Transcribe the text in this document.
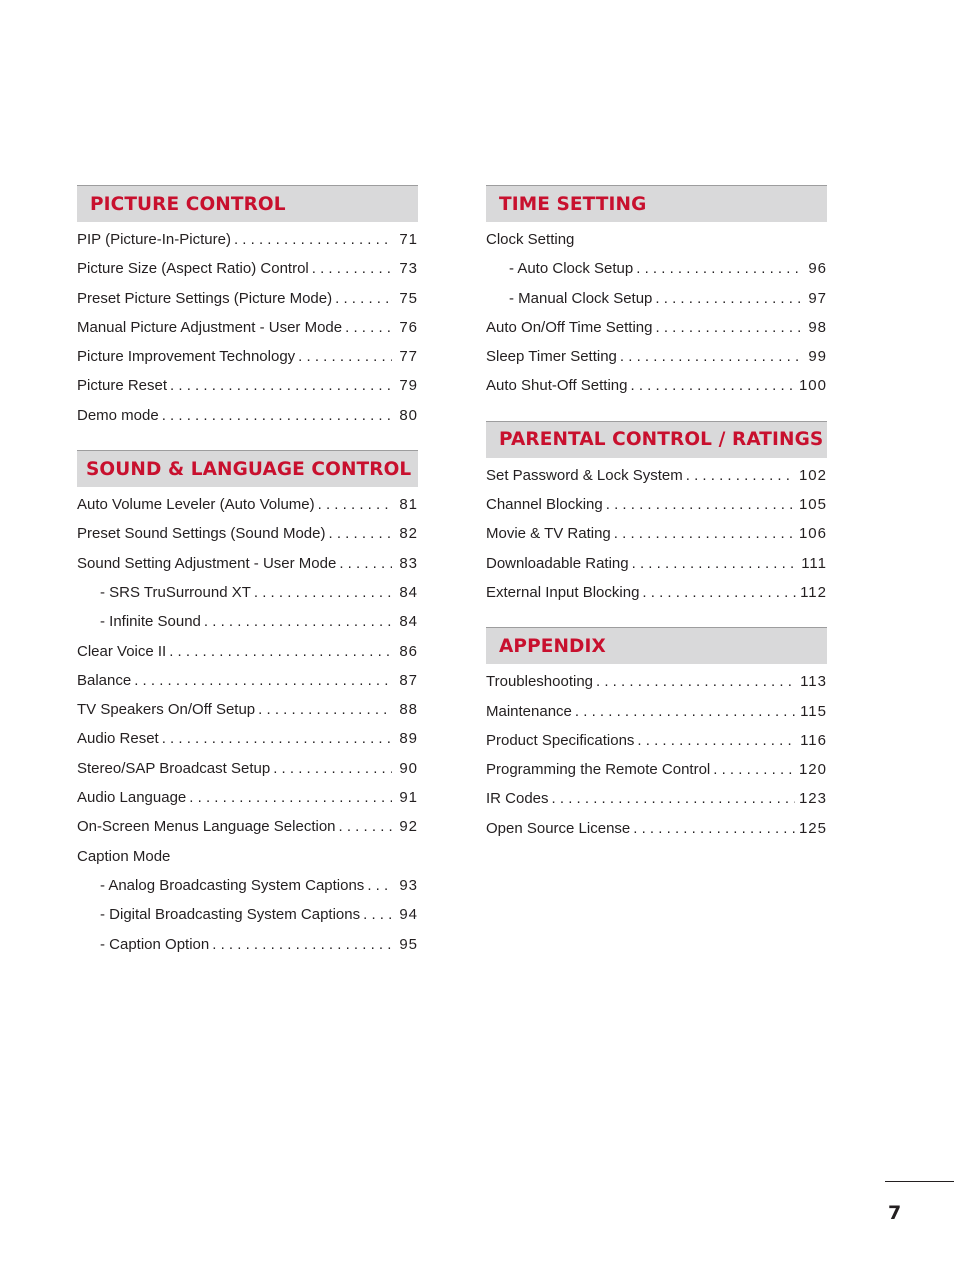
PICTURE CONTROL
PIP (Picture-In-Picture) . . .	71
Picture Size (Aspect Ratio) Control . . .	73
Preset Picture Settings (Picture Mode) . . .	75
Manual Picture Adjustment - User Mode . . .	76
Picture Improvement Technology . . .	77
Picture Reset . . .	79
Demo mode . . .	80
SOUND & LANGUAGE CONTROL
Auto Volume Leveler (Auto Volume) . . .	81
Preset Sound Settings (Sound Mode) . . .	82
Sound Setting Adjustment - User Mode . . .	83
- SRS TruSurround XT . . .	84
- Infinite Sound . . .	84
Clear Voice II . . .	86
Balance . . .	87
TV Speakers On/Off Setup . . .	88
Audio Reset . . .	89
Stereo/SAP Broadcast Setup . . .	90
Audio Language . . .	91
On-Screen Menus Language Selection . . .	92
Caption Mode
- Analog Broadcasting System Captions . . . 93
- Digital Broadcasting System Captions . . .	94
- Caption Option . . .	95
TIME SETTING
Clock Setting
- Auto Clock Setup . . .	96
- Manual Clock Setup . . .	97
Auto On/Off Time Setting . . .	98
Sleep Timer Setting . . .	99
Auto Shut-Off Setting . . .	100
PARENTAL CONTROL / RATINGS
Set Password & Lock System . . .	102
Channel Blocking . . .	105
Movie & TV Rating . . .	106
Downloadable Rating . . .	111
External Input Blocking . . .	112
APPENDIX
Troubleshooting . . .	113
Maintenance . . .	115
Product Specifications . . .	116
Programming the Remote Control . . .	120
IR Codes . . .	123
Open Source License . . .	125
7
